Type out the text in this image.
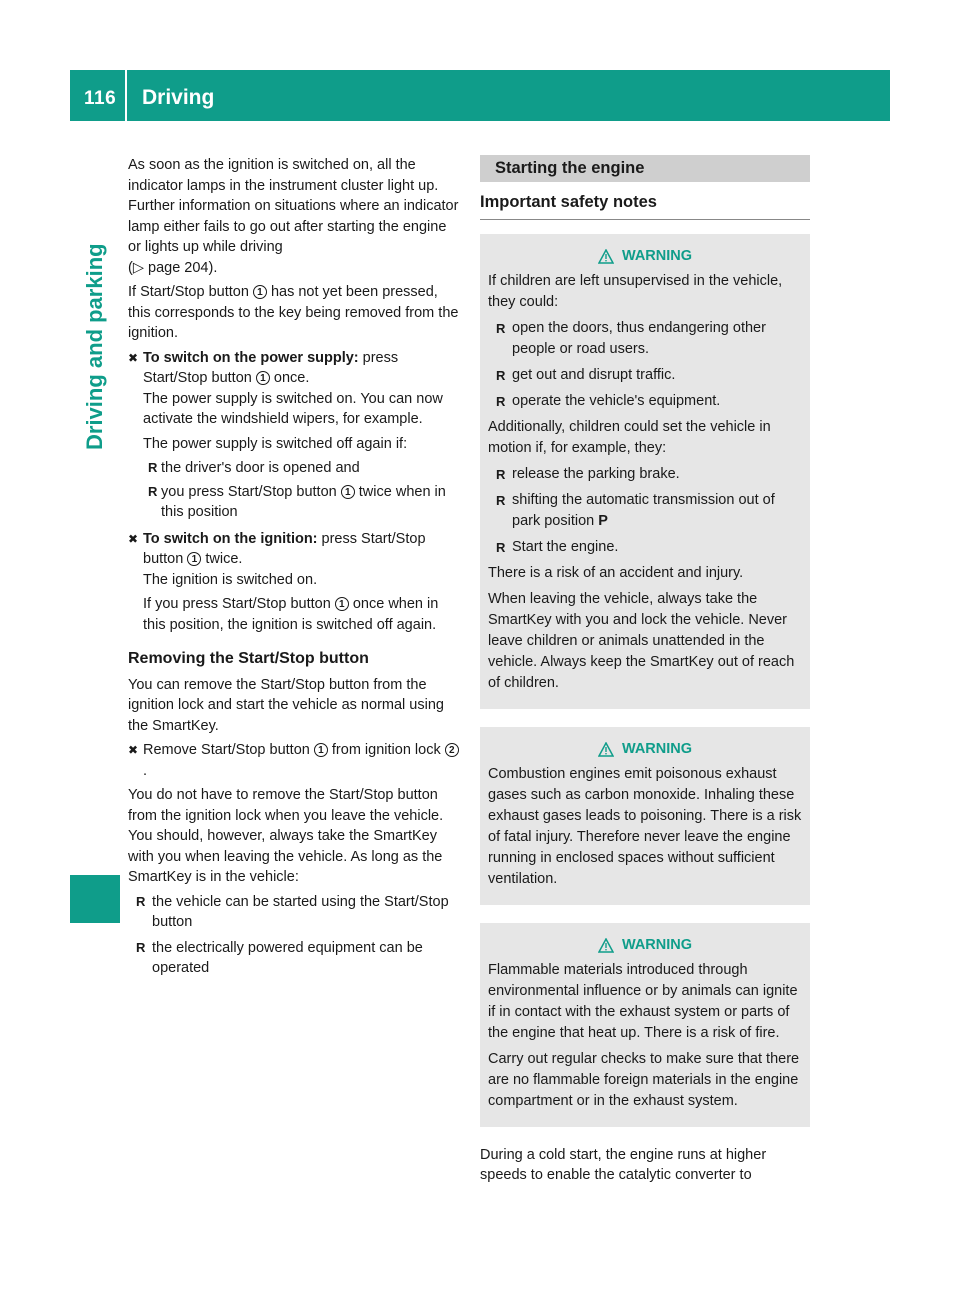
116 Driving
Driving and parking

As soon as the ignition is switched on, all the indicator lamps in the instrument cluster light up. Further information on situations where an indicator lamp either fails to go out after starting the engine or lights up while driving
(▷ page 204).

If Start/Stop button 1 has not yet been pressed, this corresponds to the key being removed from the ignition.

✖ To switch on the power supply: press Start/Stop button 1 once.
The power supply is switched on. You can now activate the windshield wipers, for example.

The power supply is switched off again if:

R the driver's door is opened and
R you press Start/Stop button 1 twice when in this position
✖ To switch on the ignition: press Start/Stop button 1 twice.
The ignition is switched on.

If you press Start/Stop button 1 once when in this position, the ignition is switched off again.

Removing the Start/Stop button

You can remove the Start/Stop button from the ignition lock and start the vehicle as normal using the SmartKey.

✖ Remove Start/Stop button 1 from ignition lock 2.

You do not have to remove the Start/Stop button from the ignition lock when you leave the vehicle. You should, however, always take the SmartKey with you when leaving the vehicle. As long as the SmartKey is in the vehicle:

R the vehicle can be started using the Start/Stop button
R the electrically powered equipment can be operated
Starting the engine
Important safety notes
WARNING

If children are left unsupervised in the vehicle, they could:

R open the doors, thus endangering other people or road users.
R get out and disrupt traffic.
R operate the vehicle's equipment.

Additionally, children could set the vehicle in motion if, for example, they:

R release the parking brake.
R shifting the automatic transmission out of park position P
R Start the engine.

There is a risk of an accident and injury.

When leaving the vehicle, always take the SmartKey with you and lock the vehicle. Never leave children or animals unattended in the vehicle. Always keep the SmartKey out of reach of children.

WARNING

Combustion engines emit poisonous exhaust gases such as carbon monoxide. Inhaling these exhaust gases leads to poisoning. There is a risk of fatal injury. Therefore never leave the engine running in enclosed spaces without sufficient ventilation.

WARNING

Flammable materials introduced through environmental influence or by animals can ignite if in contact with the exhaust system or parts of the engine that heat up. There is a risk of fire.

Carry out regular checks to make sure that there are no flammable foreign materials in the engine compartment or in the exhaust system.

During a cold start, the engine runs at higher speeds to enable the catalytic converter to
